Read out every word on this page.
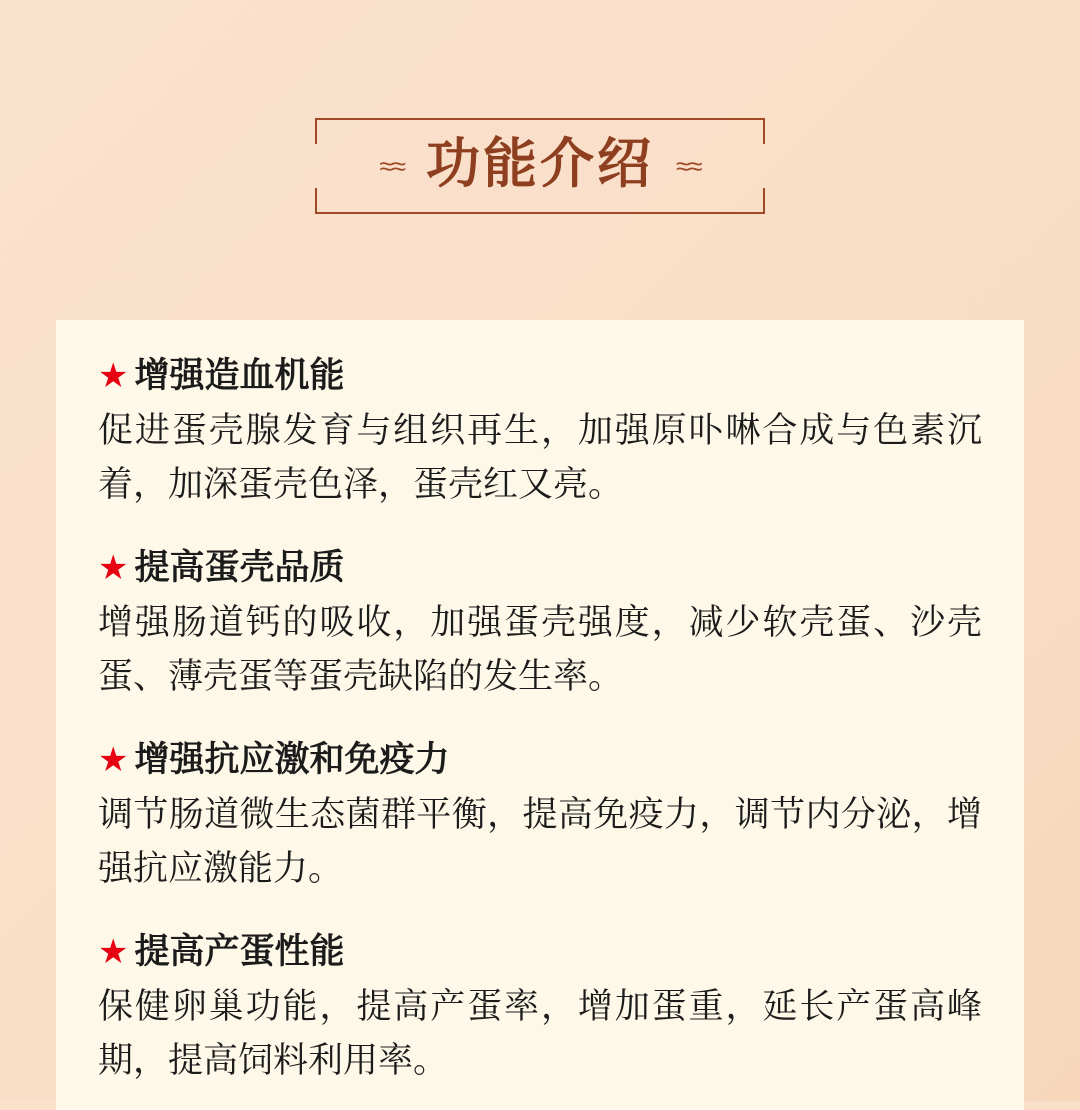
≈≈ 功能介绍 ≈≈
★ 增强造血机能
促进蛋壳腺发育与组织再生，加强原卟啉合成与色素沉着，加深蛋壳色泽，蛋壳红又亮。
★ 提高蛋壳品质
增强肠道钙的吸收，加强蛋壳强度，减少软壳蛋、沙壳蛋、薄壳蛋等蛋壳缺陷的发生率。
★ 增强抗应激和免疫力
调节肠道微生态菌群平衡，提高免疫力，调节内分泌，增强抗应激能力。
★ 提高产蛋性能
保健卵巢功能，提高产蛋率，增加蛋重，延长产蛋高峰期，提高饲料利用率。
